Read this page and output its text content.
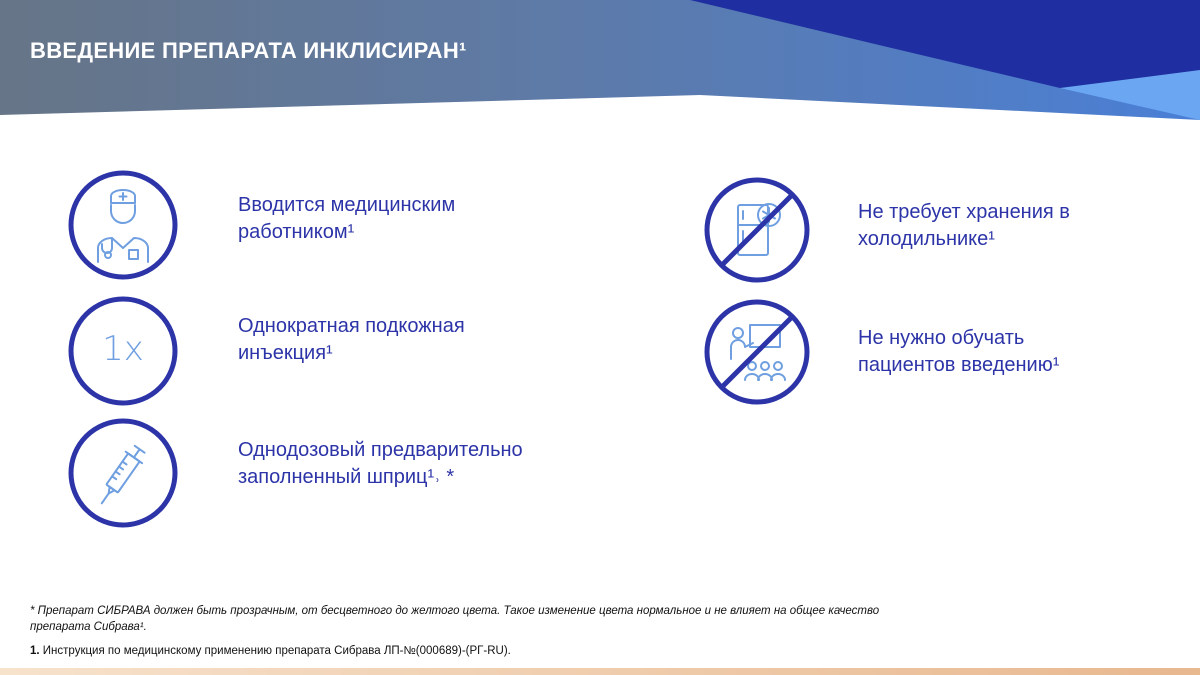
ВВЕДЕНИЕ ПРЕПАРАТА ИНКЛИСИРАН¹

Вводится медицинским
работником¹

1x

Однократная подкожная
инъекция¹

Однодозовый предварительно
заполненный шприц¹˒ *

Не требует хранения в
холодильнике¹

Не нужно обучать
пациентов введению¹

* Препарат СИБРАВА должен быть прозрачным, от бесцветного до желтого цвета. Такое изменение цвета нормальное и не влияет на общее качество
препарата Сибрава¹.

1. Инструкция по медицинскому применению препарата Сибрава ЛП-№(000689)-(РГ-RU).
